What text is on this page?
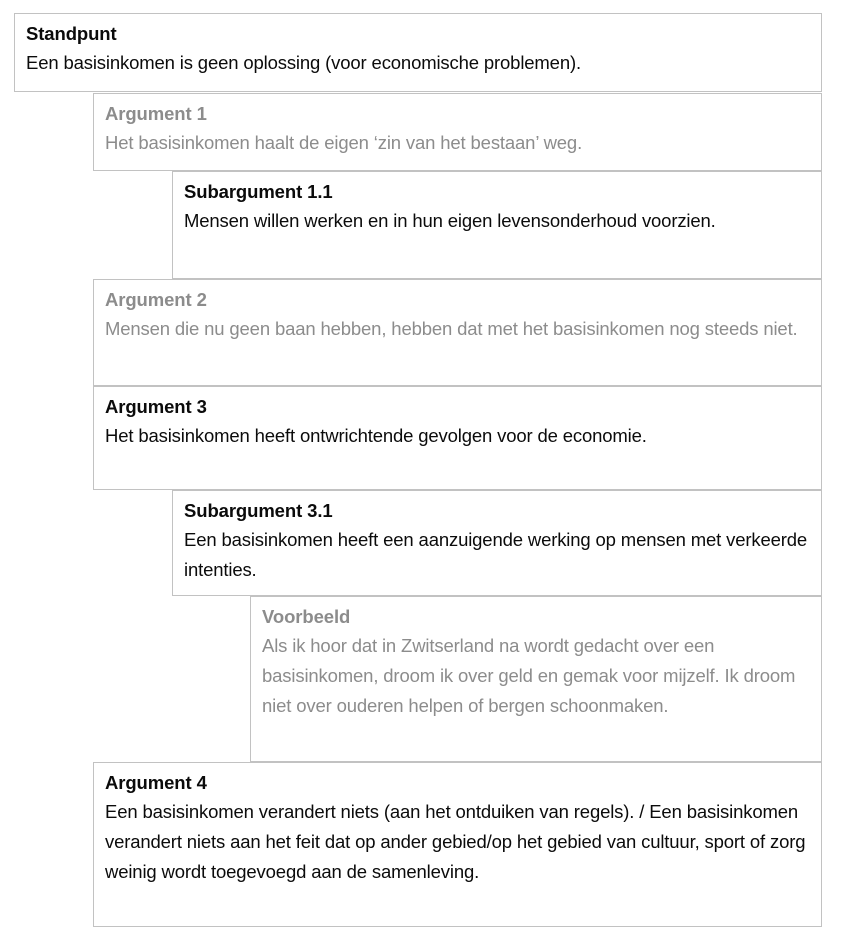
Standpunt
Een basisinkomen is geen oplossing (voor economische problemen).
Argument 1
Het basisinkomen haalt de eigen ‘zin van het bestaan’ weg.
Subargument 1.1
Mensen willen werken en in hun eigen levensonderhoud voorzien.
Argument 2
Mensen die nu geen baan hebben, hebben dat met het basisinkomen nog steeds niet.
Argument 3
Het basisinkomen heeft ontwrichtende gevolgen voor de economie.
Subargument 3.1
Een basisinkomen heeft een aanzuigende werking op mensen met verkeerde intenties.
Voorbeeld
Als ik hoor dat in Zwitserland na wordt gedacht over een basisinkomen, droom ik over geld en gemak voor mijzelf. Ik droom niet over ouderen helpen of bergen schoonmaken.
Argument 4
Een basisinkomen verandert niets (aan het ontduiken van regels). / Een basisinkomen verandert niets aan het feit dat op ander gebied/op het gebied van cultuur, sport of zorg weinig wordt toegevoegd aan de samenleving.
